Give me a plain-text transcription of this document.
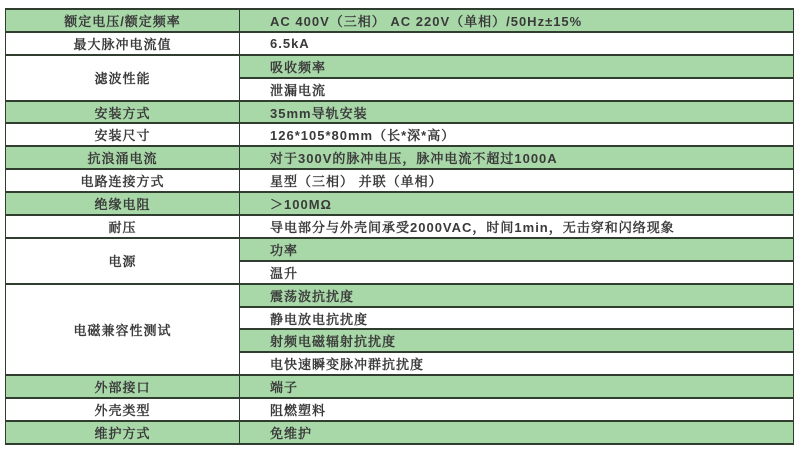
额定电压/额定频率	AC 400V（三相） AC 220V（单相）/50Hz±15%
最大脉冲电流值	6.5kA
滤波性能	吸收频率
	泄漏电流
安装方式	35mm导轨安装
安装尺寸	126*105*80mm（长*深*高）
抗浪涌电流	对于300V的脉冲电压，脉冲电流不超过1000A
电路连接方式	星型（三相） 并联（单相）
绝缘电阻	＞100MΩ
耐压	导电部分与外壳间承受2000VAC，时间1min，无击穿和闪络现象
电源	功率
	温升
电磁兼容性测试	震荡波抗扰度
	静电放电抗扰度
	射频电磁辐射抗扰度
	电快速瞬变脉冲群抗扰度
外部接口	端子
外壳类型	阻燃塑料
维护方式	免维护
